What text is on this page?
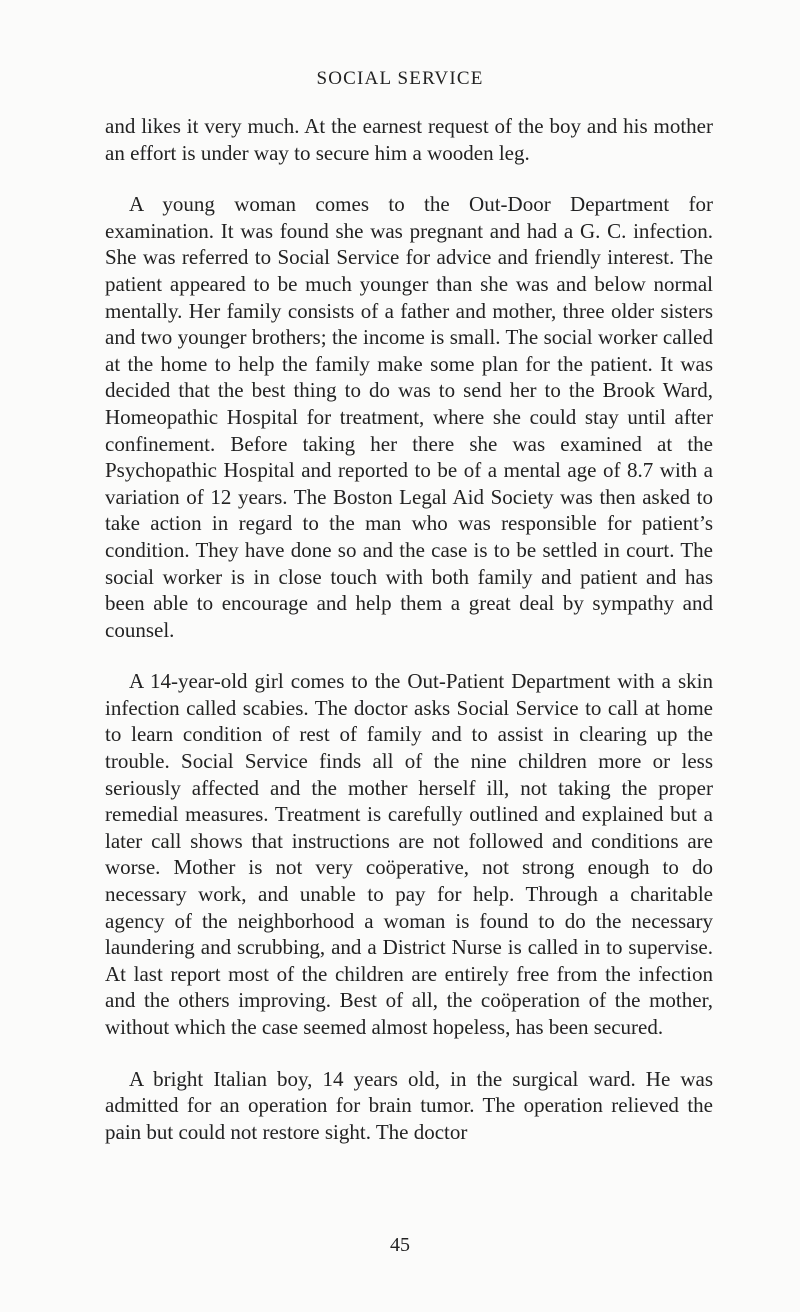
SOCIAL SERVICE

and likes it very much. At the earnest request of the boy and his mother an effort is under way to secure him a wooden leg.

A young woman comes to the Out-Door Department for examination. It was found she was pregnant and had a G. C. infection. She was referred to Social Service for advice and friendly interest. The patient appeared to be much younger than she was and below normal mentally. Her family consists of a father and mother, three older sisters and two younger brothers; the income is small. The social worker called at the home to help the family make some plan for the patient. It was decided that the best thing to do was to send her to the Brook Ward, Homeopathic Hospital for treatment, where she could stay until after confinement. Before taking her there she was examined at the Psychopathic Hospital and reported to be of a mental age of 8.7 with a variation of 12 years. The Boston Legal Aid Society was then asked to take action in regard to the man who was responsible for patient’s condition. They have done so and the case is to be settled in court. The social worker is in close touch with both family and patient and has been able to encourage and help them a great deal by sympathy and counsel.

A 14-year-old girl comes to the Out-Patient Department with a skin infection called scabies. The doctor asks Social Service to call at home to learn condition of rest of family and to assist in clearing up the trouble. Social Service finds all of the nine children more or less seriously affected and the mother herself ill, not taking the proper remedial measures. Treatment is carefully outlined and explained but a later call shows that instructions are not followed and conditions are worse. Mother is not very coöperative, not strong enough to do necessary work, and unable to pay for help. Through a charitable agency of the neighborhood a woman is found to do the necessary laundering and scrubbing, and a District Nurse is called in to supervise. At last report most of the children are entirely free from the infection and the others improving. Best of all, the coöperation of the mother, without which the case seemed almost hopeless, has been secured.

A bright Italian boy, 14 years old, in the surgical ward. He was admitted for an operation for brain tumor. The operation relieved the pain but could not restore sight. The doctor

45
